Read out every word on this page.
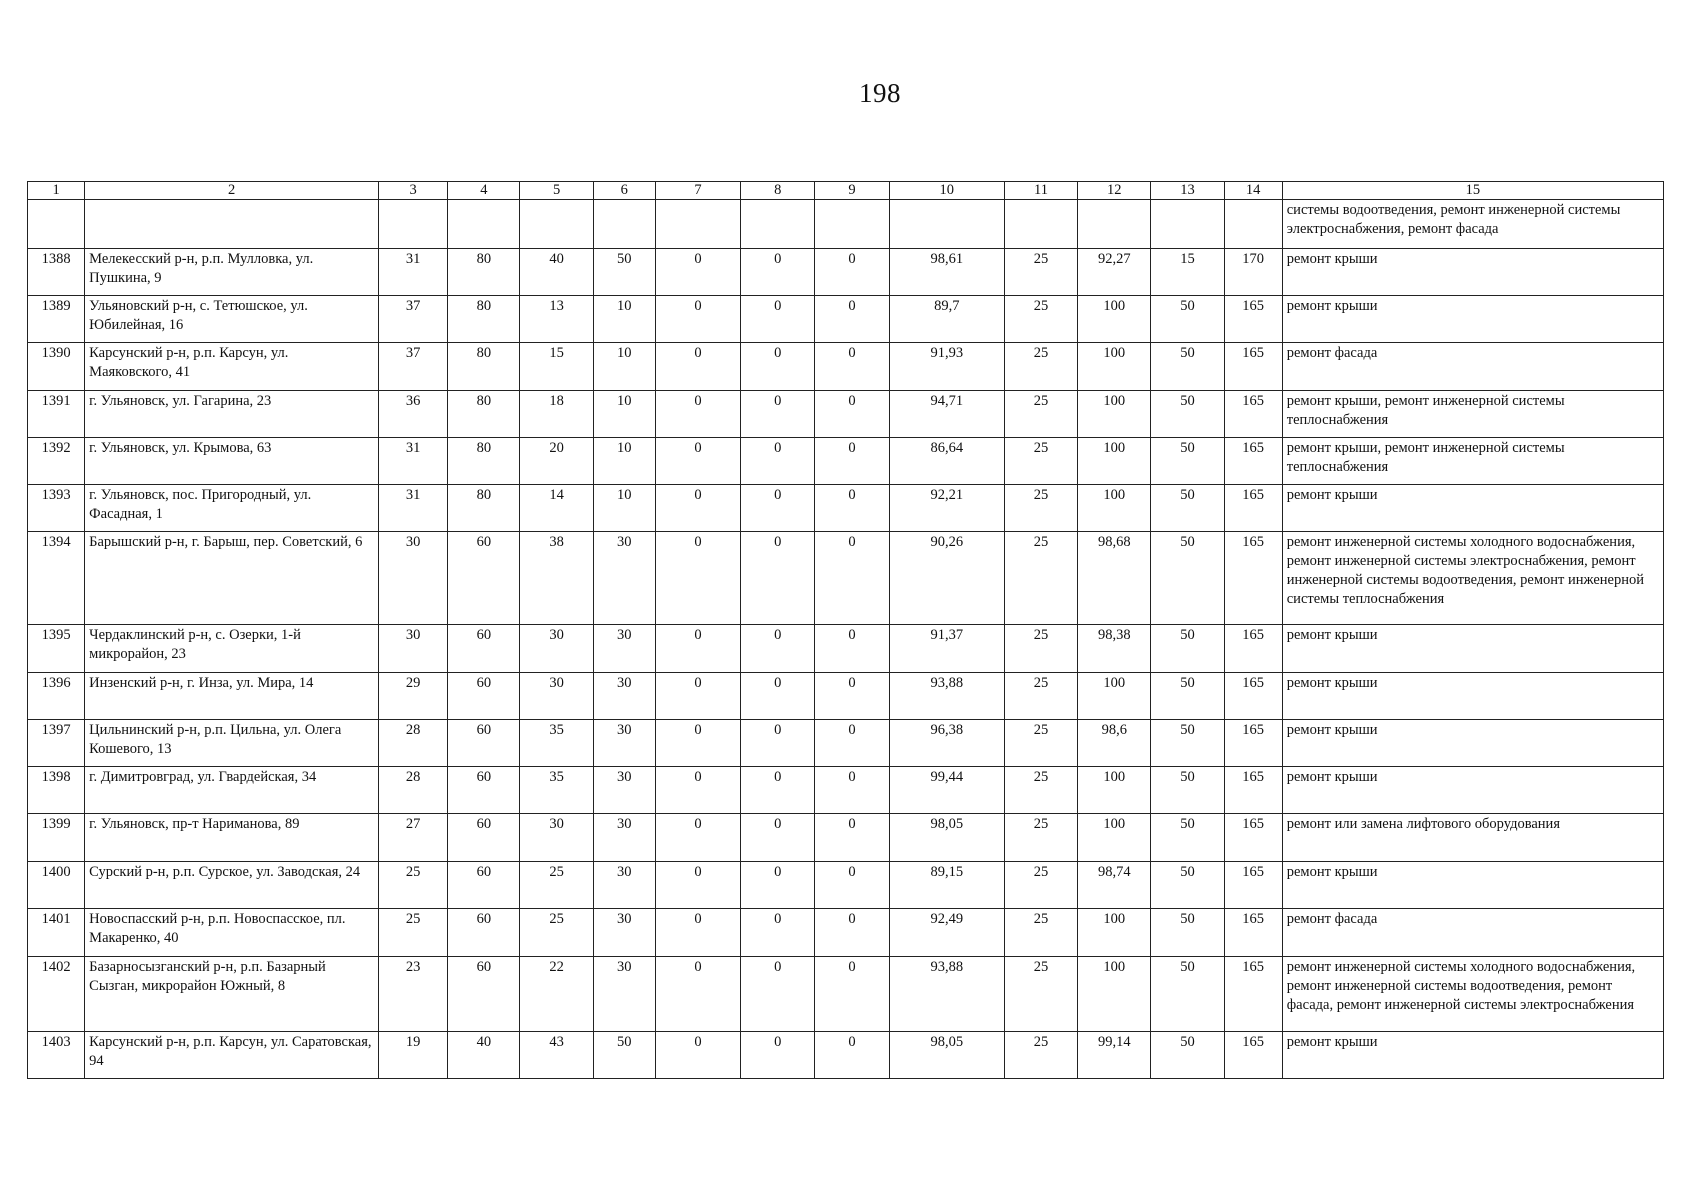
198
1	2	3	4	5	6	7	8	9	10	11	12	13	14	15
														системы водоотведения, ремонт инженерной системы электроснабжения, ремонт фасада
1388	Мелекесский р-н, р.п. Мулловка, ул. Пушкина, 9	31	80	40	50	0	0	0	98,61	25	92,27	15	170	ремонт крыши
1389	Ульяновский р-н, с. Тетюшское, ул. Юбилейная, 16	37	80	13	10	0	0	0	89,7	25	100	50	165	ремонт крыши
1390	Карсунский р-н, р.п. Карсун, ул. Маяковского, 41	37	80	15	10	0	0	0	91,93	25	100	50	165	ремонт фасада
1391	г. Ульяновск, ул. Гагарина, 23	36	80	18	10	0	0	0	94,71	25	100	50	165	ремонт крыши, ремонт инженерной системы теплоснабжения
1392	г. Ульяновск, ул. Крымова, 63	31	80	20	10	0	0	0	86,64	25	100	50	165	ремонт крыши, ремонт инженерной системы теплоснабжения
1393	г. Ульяновск, пос. Пригородный, ул. Фасадная, 1	31	80	14	10	0	0	0	92,21	25	100	50	165	ремонт крыши
1394	Барышский р-н, г. Барыш, пер. Советский, 6	30	60	38	30	0	0	0	90,26	25	98,68	50	165	ремонт инженерной системы холодного водоснабжения, ремонт инженерной системы электроснабжения, ремонт инженерной системы водоотведения, ремонт инженерной системы теплоснабжения
1395	Чердаклинский р-н, с. Озерки, 1-й микрорайон, 23	30	60	30	30	0	0	0	91,37	25	98,38	50	165	ремонт крыши
1396	Инзенский р-н, г. Инза, ул. Мира, 14	29	60	30	30	0	0	0	93,88	25	100	50	165	ремонт крыши
1397	Цильнинский р-н, р.п. Цильна, ул. Олега Кошевого, 13	28	60	35	30	0	0	0	96,38	25	98,6	50	165	ремонт крыши
1398	г. Димитровград, ул. Гвардейская, 34	28	60	35	30	0	0	0	99,44	25	100	50	165	ремонт крыши
1399	г. Ульяновск, пр-т Нариманова, 89	27	60	30	30	0	0	0	98,05	25	100	50	165	ремонт или замена лифтового оборудования
1400	Сурский р-н, р.п. Сурское, ул. Заводская, 24	25	60	25	30	0	0	0	89,15	25	98,74	50	165	ремонт крыши
1401	Новоспасский р-н, р.п. Новоспасское, пл. Макаренко, 40	25	60	25	30	0	0	0	92,49	25	100	50	165	ремонт фасада
1402	Базарносызганский р-н, р.п. Базарный Сызган, микрорайон Южный, 8	23	60	22	30	0	0	0	93,88	25	100	50	165	ремонт инженерной системы холодного водоснабжения, ремонт инженерной системы водоотведения, ремонт фасада, ремонт инженерной системы электроснабжения
1403	Карсунский р-н, р.п. Карсун, ул. Саратовская, 94	19	40	43	50	0	0	0	98,05	25	99,14	50	165	ремонт крыши
